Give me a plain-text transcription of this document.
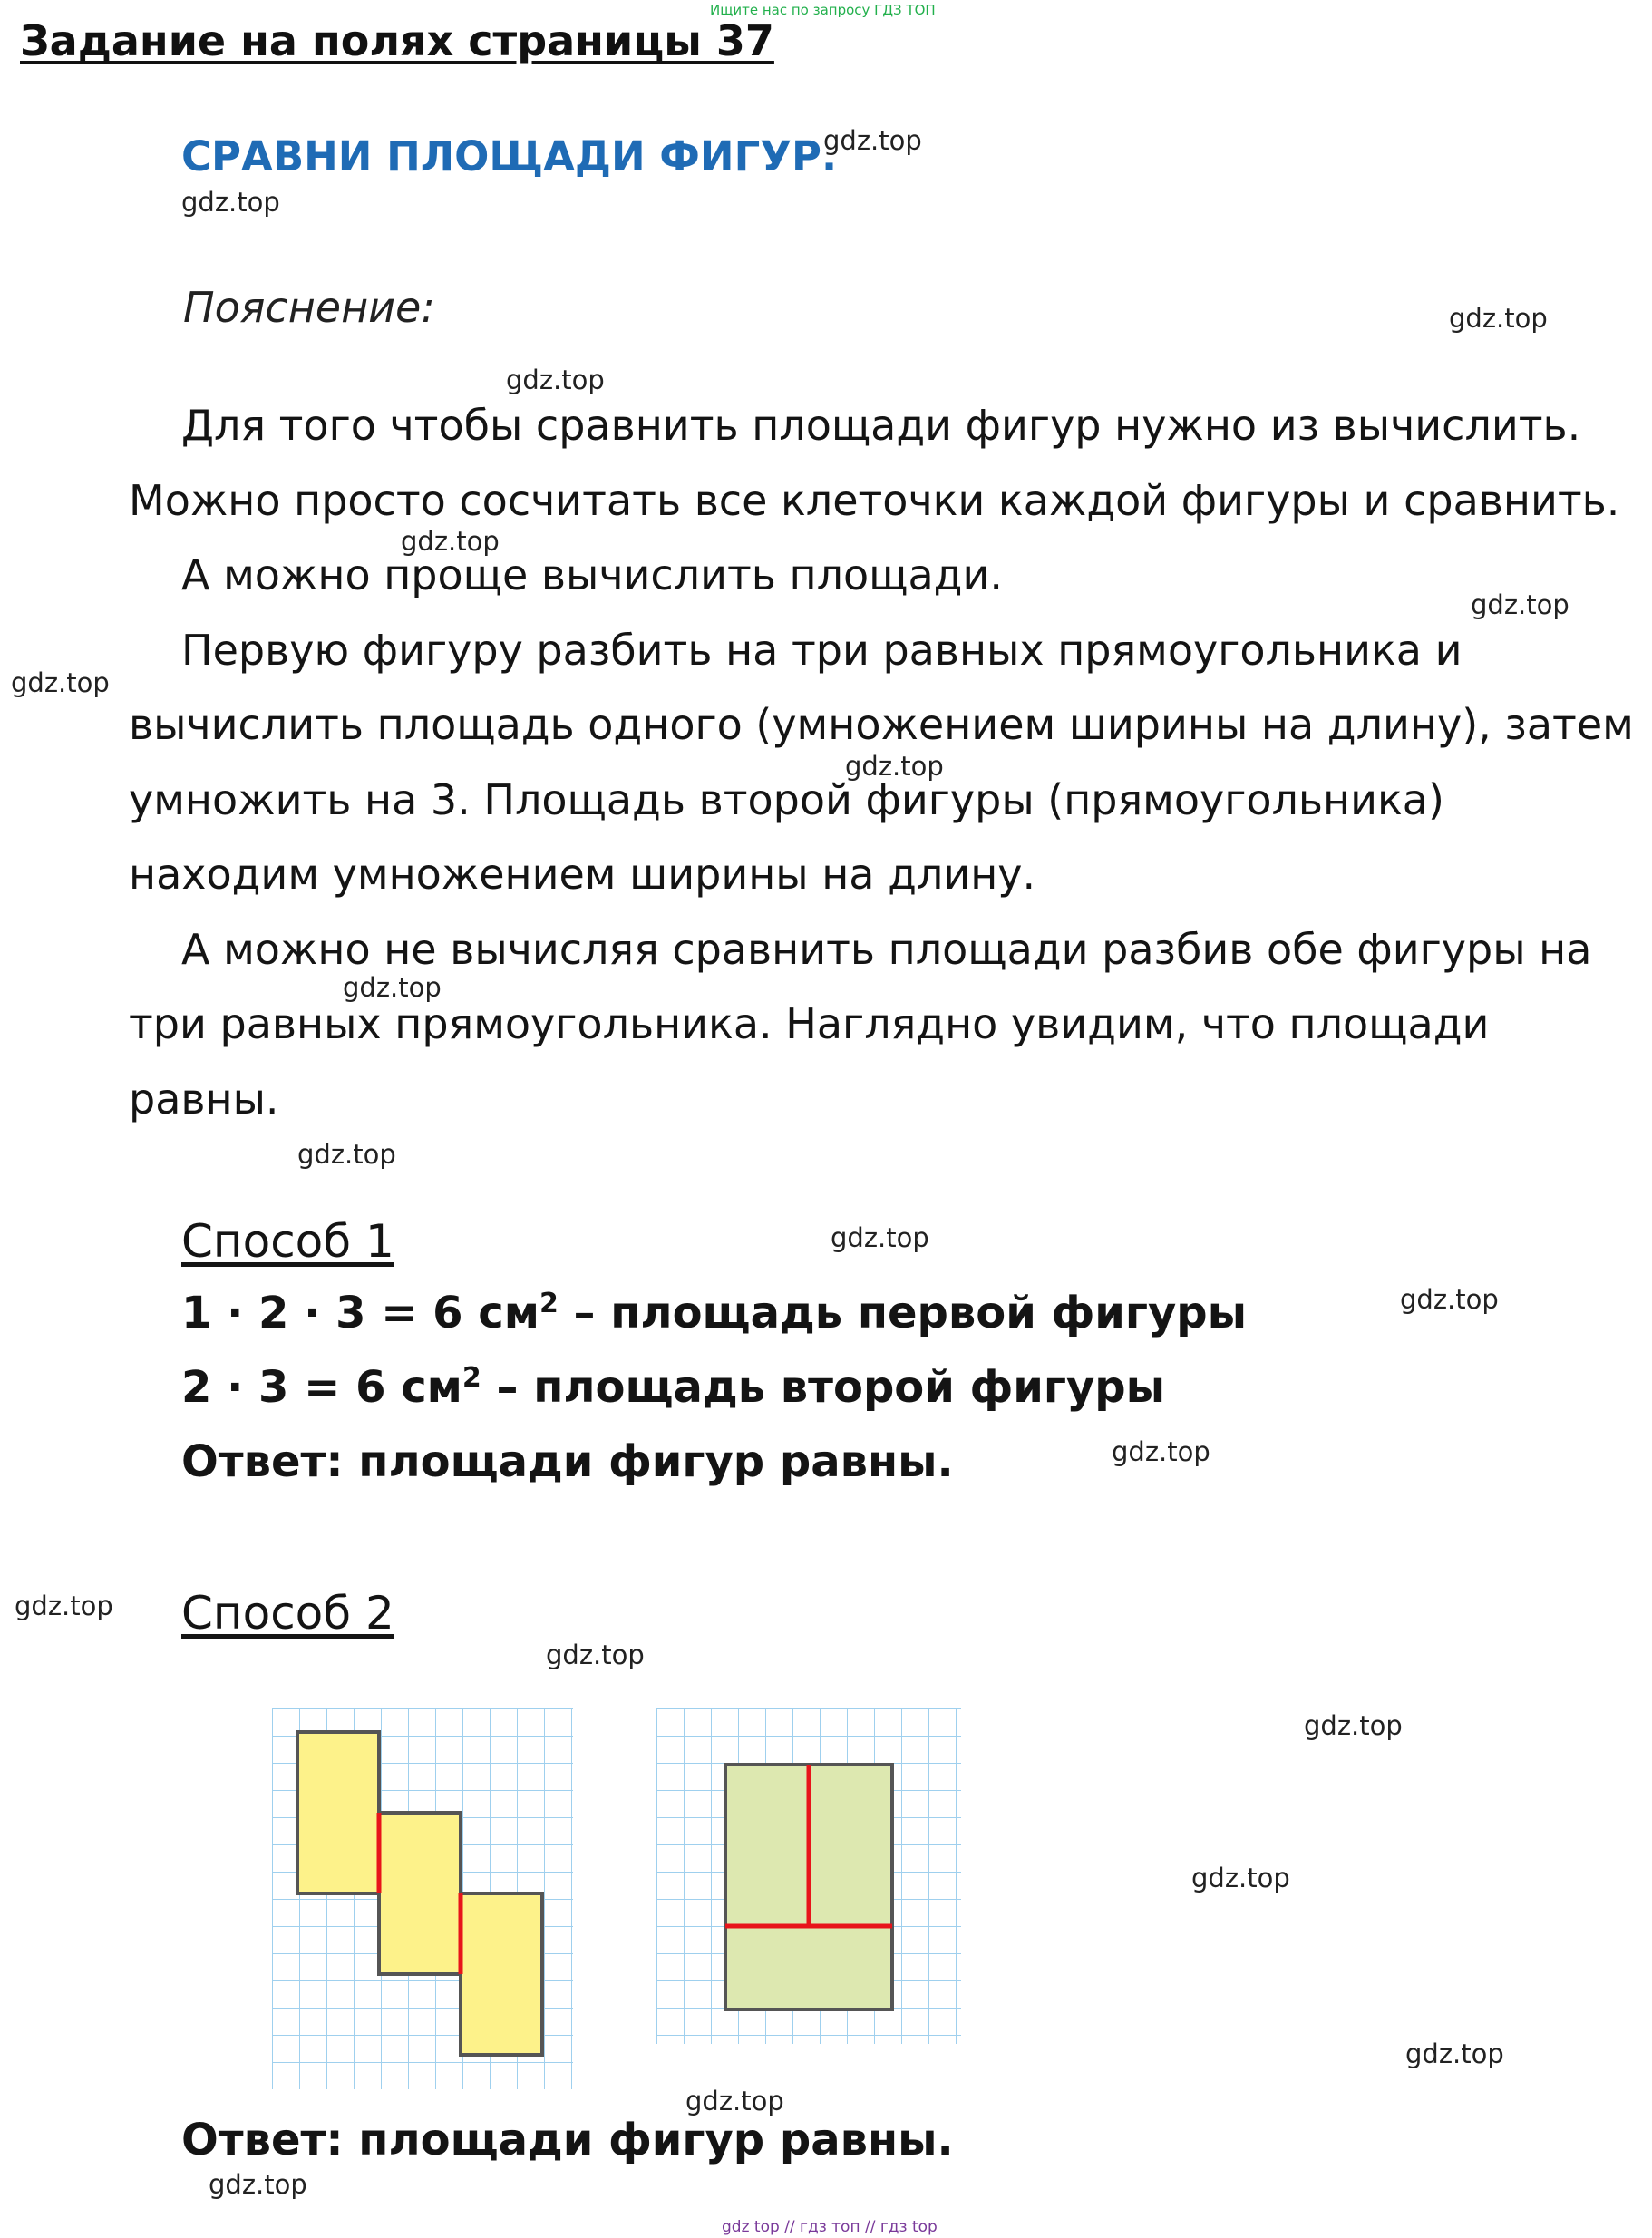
Ищите нас по запросу ГДЗ ТОП
Задание на полях страницы 37
СРАВНИ ПЛОЩАДИ ФИГУР.
Пояснение:

Для того чтобы сравнить площади фигур нужно из вычислить. Можно просто сосчитать все клеточки каждой фигуры и сравнить.

А можно проще вычислить площади.

Первую фигуру разбить на три равных прямоугольника и вычислить площадь одного (умножением ширины на длину), затем умножить на 3. Площадь второй фигуры (прямоугольника) находим умножением ширины на длину.

А можно не вычисляя сравнить площади разбив обе фигуры на три равных прямоугольника. Наглядно увидим, что площади равны.

Способ 1
1 · 2 · 3 = 6 $см^2$ – площадь первой фигуры
2 · 3 = 6 $см^2$ – площадь второй фигуры
Ответ: площади фигур равны.
Способ 2
Ответ: площади фигур равны.
gdz.top
gdz.top
gdz.top
gdz.top
gdz.top
gdz.top
gdz.top
gdz.top
gdz.top
gdz.top
gdz.top
gdz.top
gdz.top
gdz.top
gdz.top
gdz.top
gdz.top
gdz.top
gdz.top
gdz.top
gdz top // гдз топ // гдз top
